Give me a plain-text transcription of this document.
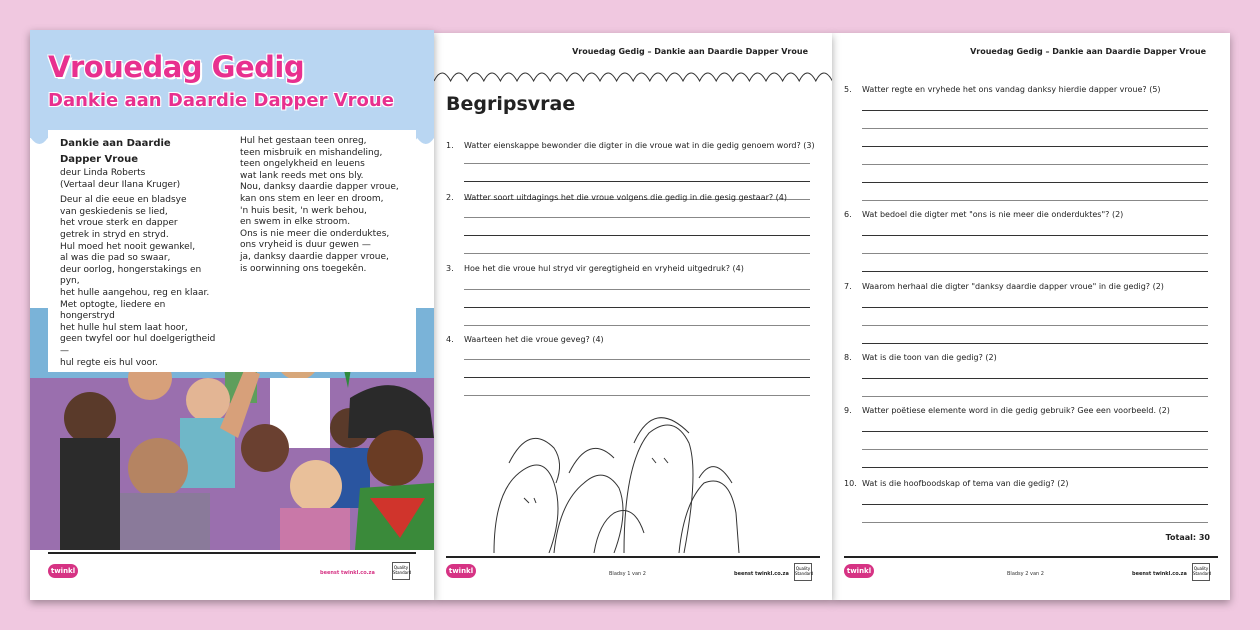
Vrouedag Gedig
Dankie aan Daardie Dapper Vroue
Dankie aan Daardie
Dapper Vroue
deur Linda Roberts
(Vertaal deur Ilana Kruger)
Deur al die eeue en bladsye
van geskiedenis se lied,
het vroue sterk en dapper
getrek in stryd en stryd.
Hul moed het nooit gewankel,
al was die pad so swaar,
deur oorlog, hongerstakings en pyn,
het hulle aangehou, reg en klaar.
Met optogte, liedere en hongerstryd
het hulle hul stem laat hoor,
geen twyfel oor hul doelgerigtheid —
hul regte eis hul voor.
Hul het gestaan teen onreg,
teen misbruik en mishandeling,
teen ongelykheid en leuens
wat lank reeds met ons bly.
Nou, danksy daardie dapper vroue,
kan ons stem en leer en droom,
'n huis besit, 'n werk behou,
en swem in elke stroom.
Ons is nie meer die onderduktes,
ons vryheid is duur gewen —
ja, danksy daardie dapper vroue,
is oorwinning ons toegekên.
twinkl	beenst twinkl.co.za
Quality Standard
Vrouedag Gedig – Dankie aan Daardie Dapper Vroue
Begripsvrae
1. Watter eienskappe bewonder die digter in die vroue wat in die gedig genoem word? (3)
2. Watter soort uitdagings het die vroue volgens die gedig in die gesig gestaar? (4)
3. Hoe het die vroue hul stryd vir geregtigheid en vryheid uitgedruk? (4)
4. Waarteen het die vroue geveg? (4)
twinkl	Bladsy 1 van 2	beenst twinkl.co.za
Quality Standard
Vrouedag Gedig – Dankie aan Daardie Dapper Vroue
5. Watter regte en vryhede het ons vandag danksy hierdie dapper vroue? (5)
6. Wat bedoel die digter met "ons is nie meer die onderduktes"? (2)
7. Waarom herhaal die digter "danksy daardie dapper vroue" in die gedig? (2)
8. Wat is die toon van die gedig? (2)
9. Watter poëtiese elemente word in die gedig gebruik? Gee een voorbeeld. (2)
10. Wat is die hoofboodskap of tema van die gedig? (2)
Totaal: 30
twinkl	Bladsy 2 van 2	beenst twinkl.co.za
Quality Standard
